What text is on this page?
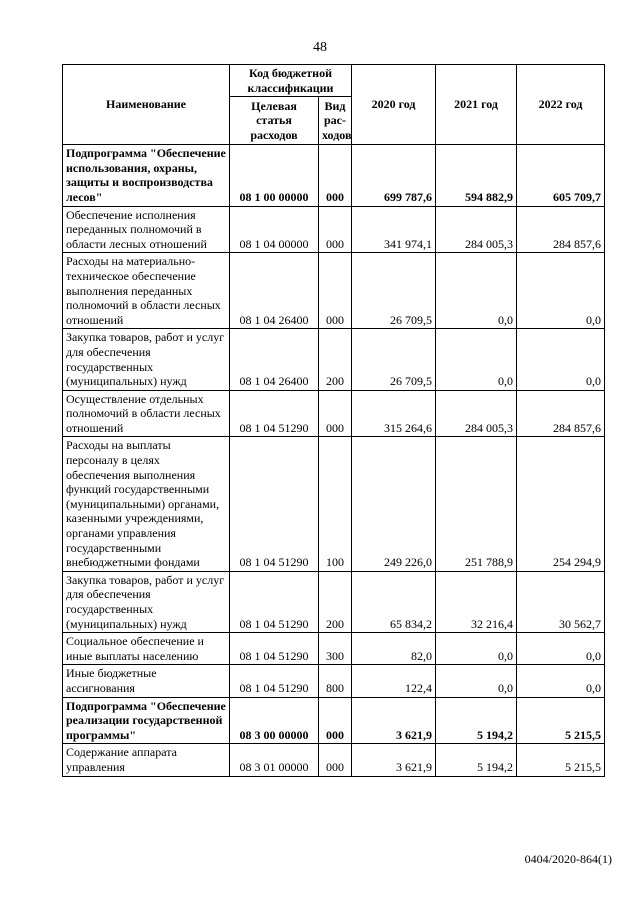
48
Наименование	Код бюджетной классификации		2020 год	2021 год	2022 год
	Целевая статья расходов	Вид рас-ходов			
Подпрограмма "Обеспечение использования, охраны, защиты и воспроизводства лесов"	08 1 00 00000	000	699 787,6	594 882,9	605 709,7
Обеспечение исполнения переданных полномочий в области лесных отношений	08 1 04 00000	000	341 974,1	284 005,3	284 857,6
Расходы на материально-техническое обеспечение выполнения переданных полномочий в области лесных отношений	08 1 04 26400	000	26 709,5	0,0	0,0
Закупка товаров, работ и услуг для обеспечения государственных (муниципальных) нужд	08 1 04 26400	200	26 709,5	0,0	0,0
Осуществление отдельных полномочий в области лесных отношений	08 1 04 51290	000	315 264,6	284 005,3	284 857,6
Расходы на выплаты персоналу в целях обеспечения выполнения функций государственными (муниципальными) органами, казенными учреждениями, органами управления государственными внебюджетными фондами	08 1 04 51290	100	249 226,0	251 788,9	254 294,9
Закупка товаров, работ и услуг для обеспечения государственных (муниципальных) нужд	08 1 04 51290	200	65 834,2	32 216,4	30 562,7
Социальное обеспечение и иные выплаты населению	08 1 04 51290	300	82,0	0,0	0,0
Иные бюджетные ассигнования	08 1 04 51290	800	122,4	0,0	0,0
Подпрограмма "Обеспечение реализации государственной программы"	08 3 00 00000	000	3 621,9	5 194,2	5 215,5
Содержание аппарата управления	08 3 01 00000	000	3 621,9	5 194,2	5 215,5
0404/2020-864(1)
